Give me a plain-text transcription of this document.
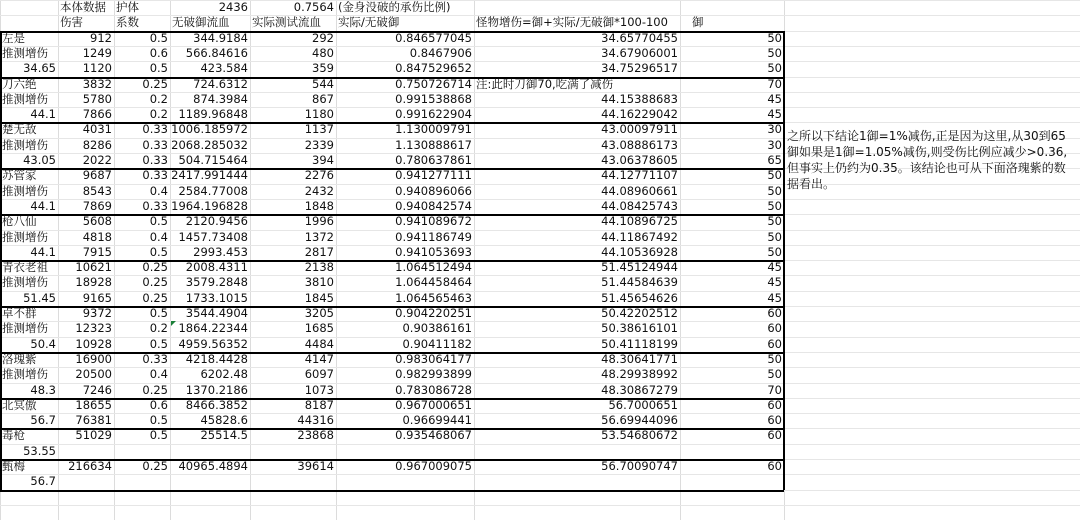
本体数据 护体	2436	0.7564 (金身没破的承伤比例)
伤害	系数	无破御流血	实际测试流血	实际/无破御	怪物增伤=御+实际/无破御*100-100	御
左是	912	0.5	344.9184	292	0.846577045	34.65770455	50
推测增伤	1249	0.6	566.84616	480	0.8467906	34.67906001	50
34.65	1120	0.5	423.584	359	0.847529652	34.75296517	50
刀六绝	3832	0.25	724.6312	544	0.750726714	70
注:此时刀御70,吃满了减伤
推测增伤	5780	0.2	874.3984	867	0.991538868	44.15388683	45
44.1	7866	0.2 1189.96848	1180	0.991622904	44.16229042	45
楚无敌	4031	0.33 1006.185972	1137	1.130009791	43.00097911	30
推测增伤	8286	0.33 2068.285032	2339	1.130888617	43.08886173	30
43.05	2022	0.33 504.715464	394	0.780637861	43.06378605	65
苏管家	9687	0.33 2417.991444	2276	0.941277111	44.12771107	50
推测增伤	8543	0.4 2584.77008	2432	0.940896066	44.08960661	50
44.1	7869	0.33 1964.196828	1848	0.940842574	44.08425743	50
枪八仙	5608	0.5	2120.9456	1996	0.941089672	44.10896725	50
推测增伤	4818	0.4 1457.73408	1372	0.941186749	44.11867492	50
44.1	7915	0.5	2993.453	2817	0.941053693	44.10536928	50
青衣老祖	10621	0.25	2008.4311	2138	1.064512494	51.45124944	45
推测增伤	18928	0.25	3579.2848	3810	1.064458464	51.44584639	45
51.45	9165	0.25	1733.1015	1845	1.064565463	51.45654626	45
卓不群	9372	0.5	3544.4904	3205	0.904220251	50.42202512	60
推测增伤	12323	0.2 1864.22344	1685	0.90386161	50.38616101	60
50.4	10928	0.5 4959.56352	4484	0.90411182	50.41118199	60
洛瑰紫	16900	0.33	4218.4428	4147	0.983064177	48.30641771	50
推测增伤	20500	0.4	6202.48	6097	0.982993899	48.29938992	50
48.3	7246	0.25	1370.2186	1073	0.783086728	48.30867279	70
北冥傲	18655	0.6	8466.3852	8187	0.967000651	56.7000651	60
56.7	76381	0.5	45828.6	44316	0.96699441	56.69944096	60
毒枪	51029	0.5	25514.5	23868	0.935468067	53.54680672	60
53.55
甄梅	216634	0.25 40965.4894	39614	0.967009075	56.70090747	60
56.7
之所以下结论1御=1%减伤,正是因为这里,从30到65御如果是1御=1.05%减伤,则受伤比例应减少>0.36,但事实上仍约为0.35。该结论也可从下面洛瑰紫的数据看出。
